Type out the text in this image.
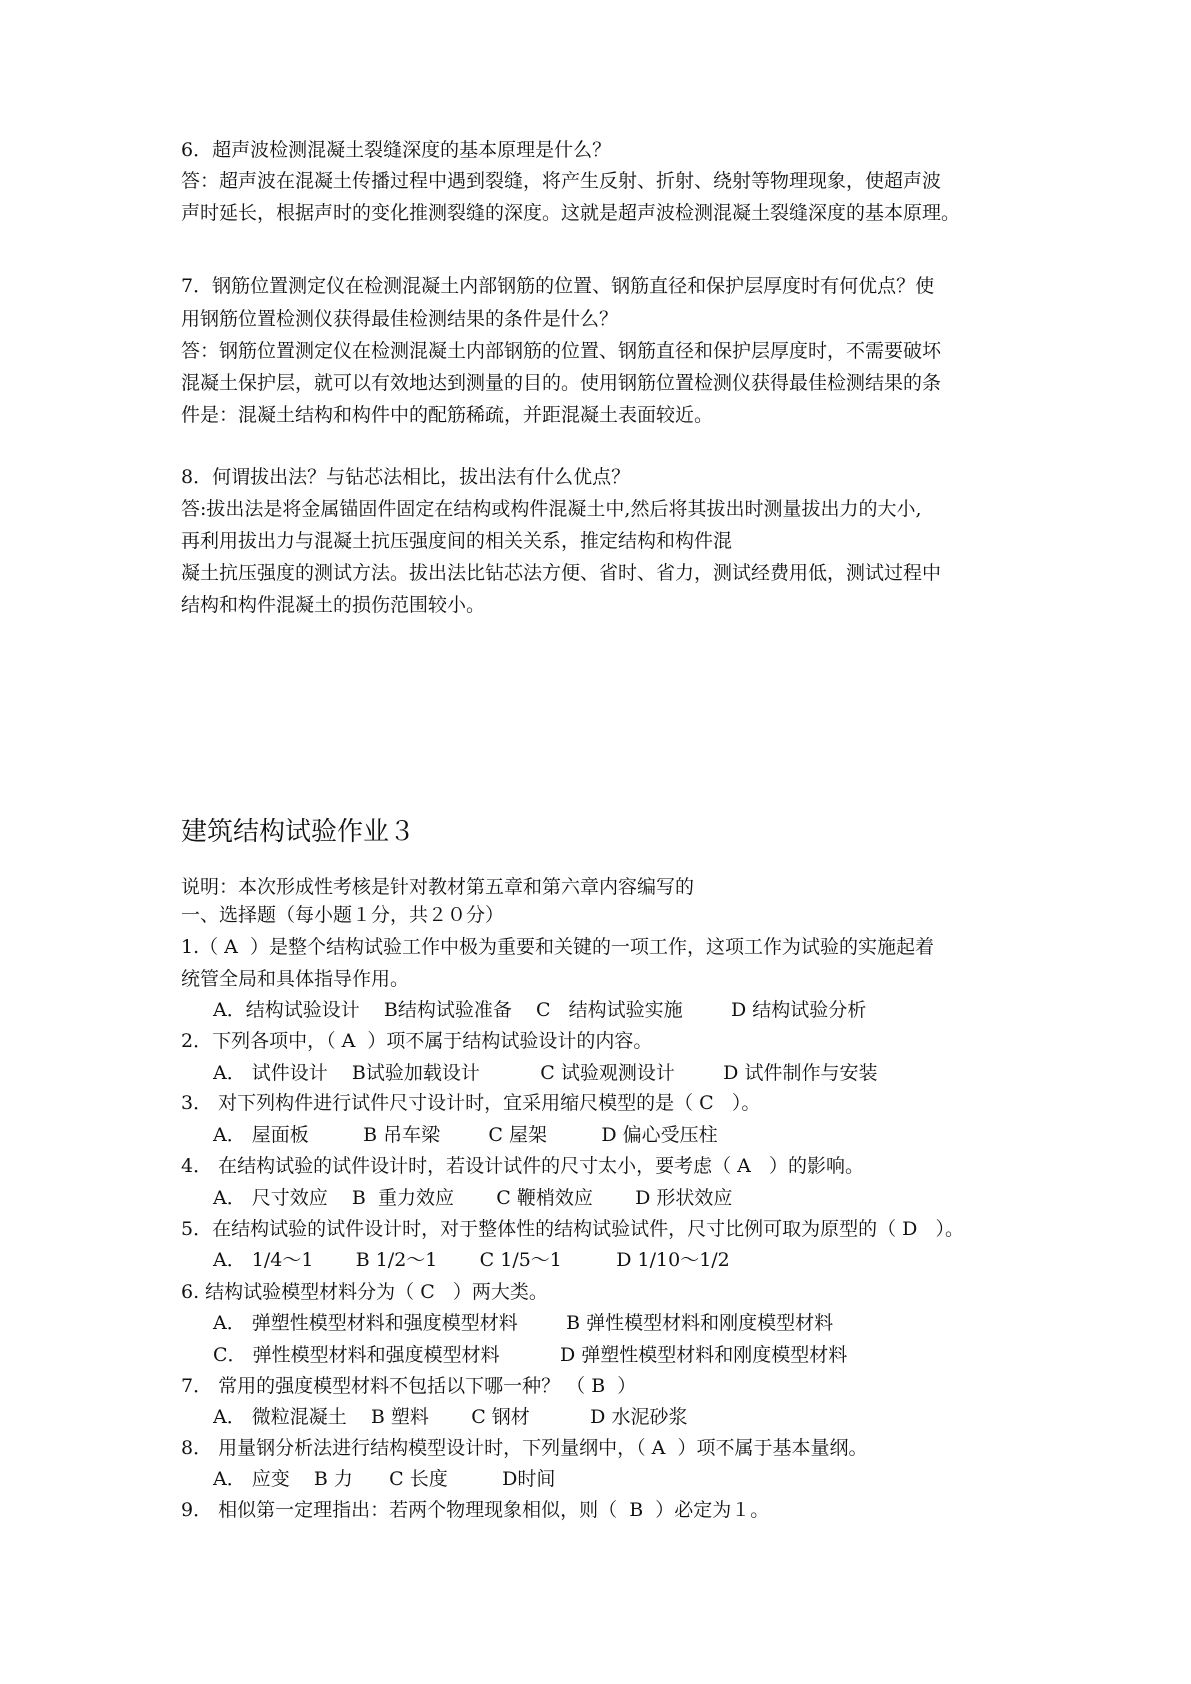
6．超声波检测混凝土裂缝深度的基本原理是什么？
答：超声波在混凝土传播过程中遇到裂缝，将产生反射、折射、绕射等物理现象，使超声波
声时延长，根据声时的变化推测裂缝的深度。这就是超声波检测混凝土裂缝深度的基本原理。
7．钢筋位置测定仪在检测混凝土内部钢筋的位置、钢筋直径和保护层厚度时有何优点？使
用钢筋位置检测仪获得最佳检测结果的条件是什么？
答：钢筋位置测定仪在检测混凝土内部钢筋的位置、钢筋直径和保护层厚度时，不需要破坏
混凝土保护层，就可以有效地达到测量的目的。使用钢筋位置检测仪获得最佳检测结果的条
件是：混凝土结构和构件中的配筋稀疏，并距混凝土表面较近。
8．何谓拔出法？与钻芯法相比，拔出法有什么优点？
答:拔出法是将金属锚固件固定在结构或构件混凝土中,然后将其拔出时测量拔出力的大小,
再利用拔出力与混凝土抗压强度间的相关关系，推定结构和构件混
凝土抗压强度的测试方法。拔出法比钻芯法方便、省时、省力，测试经费用低，测试过程中
结构和构件混凝土的损伤范围较小。
建筑结构试验作业３
说明：本次形成性考核是针对教材第五章和第六章内容编写的
一、选择题（每小题１分，共２０分）
1.（ A  ）是整个结构试验工作中极为重要和关键的一项工作，这项工作为试验的实施起着
统管全局和具体指导作用。
A．结构试验设计    B结构试验准备    C   结构试验实施        D 结构试验分析
2．下列各项中，（ A  ）项不属于结构试验设计的内容。
A． 试件设计    B试验加载设计          C 试验观测设计        D 试件制作与安装
3． 对下列构件进行试件尺寸设计时，宜采用缩尺模型的是（ C   ）。
A． 屋面板         B 吊车梁        C 屋架         D 偏心受压柱
4． 在结构试验的试件设计时，若设计试件的尺寸太小，要考虑（ A   ）的影响。
A． 尺寸效应    B  重力效应       C 鞭梢效应       D 形状效应
5．在结构试验的试件设计时，对于整体性的结构试验试件，尺寸比例可取为原型的（ D   ）。
A． 1/4～1       B 1/2～1       C 1/5～1         D 1/10～1/2
6. 结构试验模型材料分为（ C   ）两大类。
A． 弹塑性模型材料和强度模型材料        B 弹性模型材料和刚度模型材料
C． 弹性模型材料和强度模型材料          D 弹塑性模型材料和刚度模型材料
7． 常用的强度模型材料不包括以下哪一种？ （ B  ）
A． 微粒混凝土    B 塑料       C 钢材          D 水泥砂浆
8． 用量钢分析法进行结构模型设计时，下列量纲中，（ A  ）项不属于基本量纲。
A． 应变    B 力      C 长度         D时间
9． 相似第一定理指出：若两个物理现象相似，则（  B  ）必定为１。
